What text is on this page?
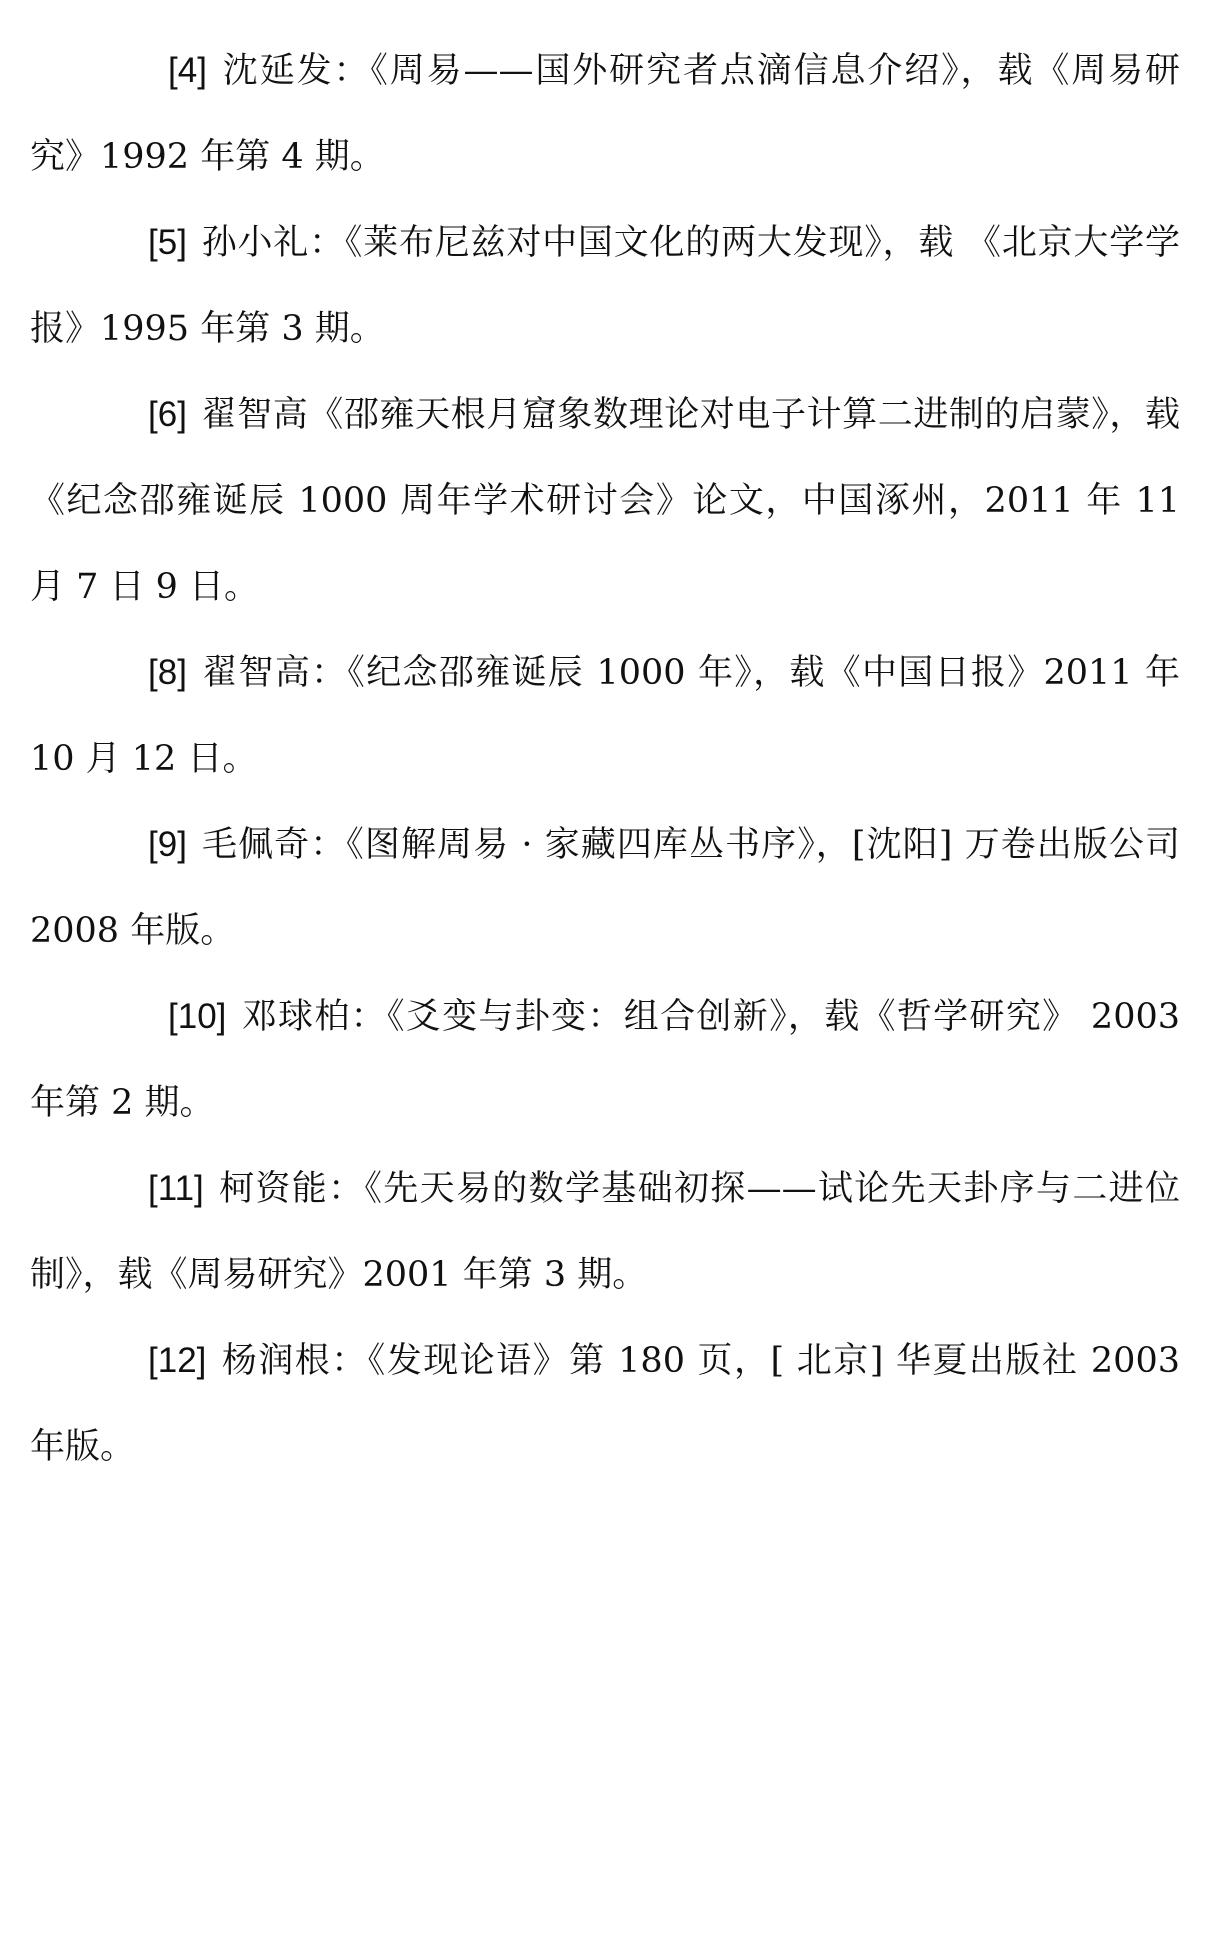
[4] 沈延发：《周易——国外研究者点滴信息介绍》，载《周易研究》1992 年第 4 期。

[5] 孙小礼：《莱布尼兹对中国文化的两大发现》，载 《北京大学学报》1995 年第 3 期。

[6] 翟智高《邵雍天根月窟象数理论对电子计算二进制的启蒙》，载《纪念邵雍诞辰 1000 周年学术研讨会》论文，中国涿州，2011 年 11 月 7 日 9 日。

[8] 翟智高：《纪念邵雍诞辰 1000 年》，载《中国日报》2011 年 10 月 12 日。

[9] 毛佩奇：《图解周易 · 家藏四库丛书序》，[沈阳] 万卷出版公司 2008 年版。

[10] 邓球柏：《爻变与卦变：组合创新》，载《哲学研究》 2003 年第 2 期。

[11] 柯资能：《先天易的数学基础初探——试论先天卦序与二进位制》，载《周易研究》2001 年第 3 期。

[12] 杨润根：《发现论语》第 180 页，[ 北京] 华夏出版社 2003 年版。
